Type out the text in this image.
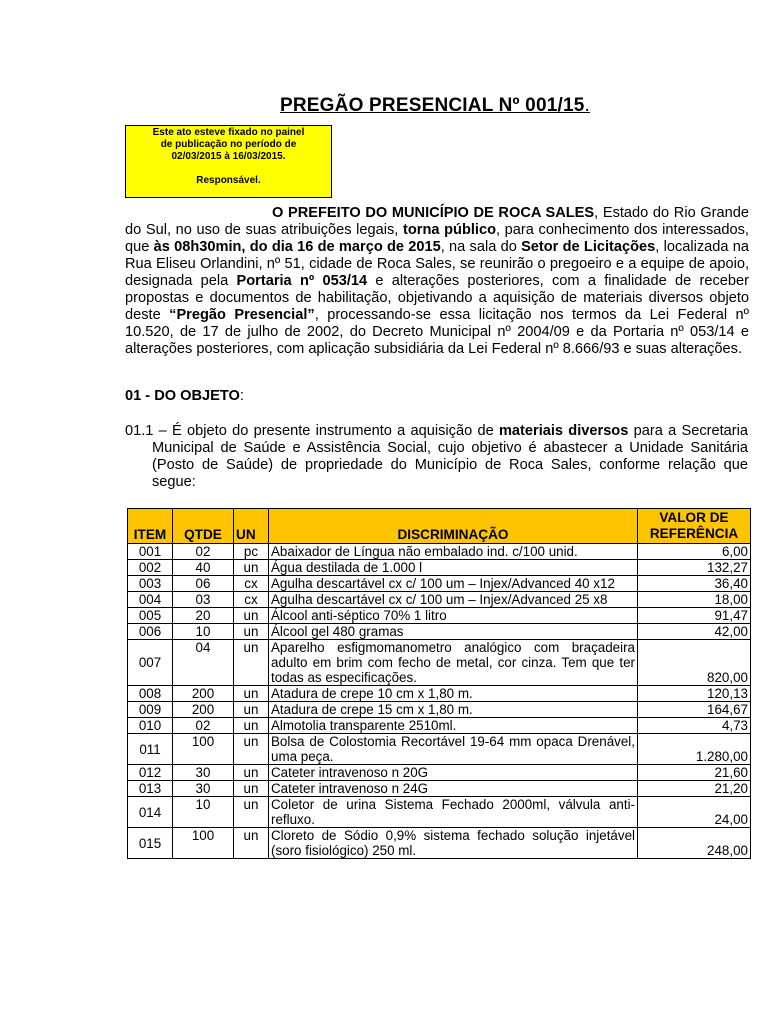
PREGÃO PRESENCIAL Nº 001/15.
Este ato esteve fixado no painel
de publicação no período de
02/03/2015 à 16/03/2015.
Responsável.
O PREFEITO DO MUNICÍPIO DE ROCA SALES, Estado do Rio Grande do Sul, no uso de suas atribuições legais, torna público, para conhecimento dos interessados, que às 08h30min, do dia 16 de março de 2015, na sala do Setor de Licitações, localizada na Rua Eliseu Orlandini, nº 51, cidade de Roca Sales, se reunirão o pregoeiro e a equipe de apoio, designada pela Portaria nº 053/14 e alterações posteriores, com a finalidade de receber propostas e documentos de habilitação, objetivando a aquisição de materiais diversos objeto deste “Pregão Presencial”, processando-se essa licitação nos termos da Lei Federal nº 10.520, de 17 de julho de 2002, do Decreto Municipal nº 2004/09 e da Portaria nº 053/14 e alterações posteriores, com aplicação subsidiária da Lei Federal nº 8.666/93 e suas alterações.
01 - DO OBJETO:
01.1 – É objeto do presente instrumento a aquisição de materiais diversos para a Secretaria Municipal de Saúde e Assistência Social, cujo objetivo é abastecer a Unidade Sanitária (Posto de Saúde) de propriedade do Município de Roca Sales, conforme relação que segue:
ITEM	QTDE	UN	DISCRIMINAÇÃO	VALOR DE
REFERÊNCIA
001	02	pc	Abaixador de Língua não embalado ind. c/100 unid.	6,00
002	40	un	Água destilada de 1.000 l	132,27
003	06	cx	Agulha descartável cx c/ 100 um – Injex/Advanced 40 x12	36,40
004	03	cx	Agulha descartável cx c/ 100 um – Injex/Advanced 25 x8	18,00
005	20	un	Álcool anti-séptico 70% 1 litro	91,47
006	10	un	Álcool gel 480 gramas	42,00
007	04	un	Aparelho esfigmomanometro analógico com braçadeira adulto em brim com fecho de metal, cor cinza. Tem que ter todas as especificações.	820,00
008	200	un	Atadura de crepe 10 cm x 1,80 m.	120,13
009	200	un	Atadura de crepe 15 cm x 1,80 m.	164,67
010	02	un	Almotolia transparente 2510ml.	4,73
011	100	un	Bolsa de Colostomia Recortável 19-64 mm opaca Drenável, uma peça.	1.280,00
012	30	un	Cateter intravenoso n 20G	21,60
013	30	un	Cateter intravenoso n 24G	21,20
014	10	un	Coletor de urina Sistema Fechado 2000ml, válvula anti-refluxo.	24,00
015	100	un	Cloreto de Sódio 0,9% sistema fechado solução injetável (soro fisiológico) 250 ml.	248,00
